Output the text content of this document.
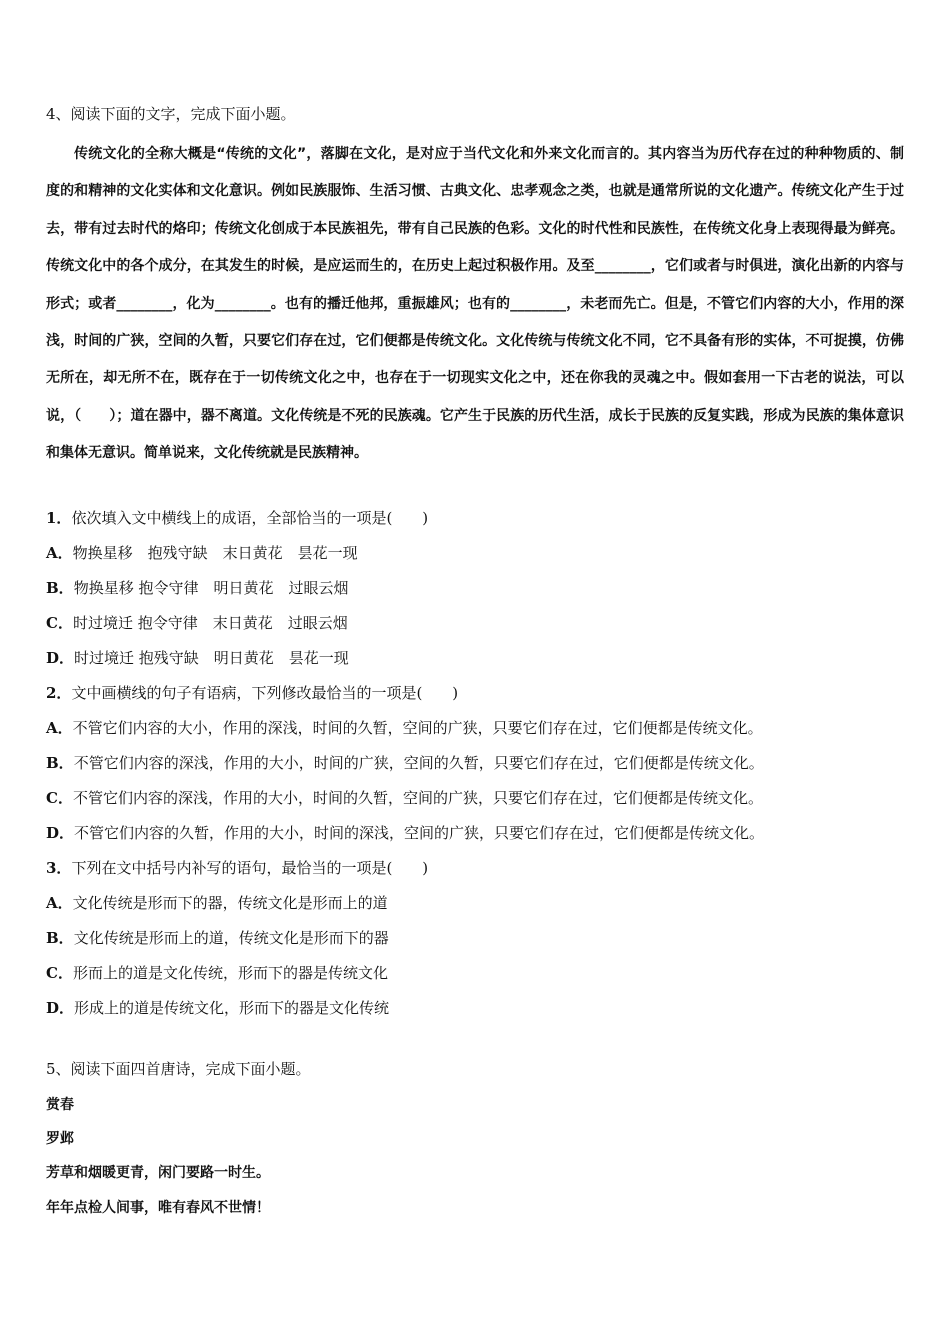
4、阅读下面的文字，完成下面小题。

传统文化的全称大概是“传统的文化”，落脚在文化，是对应于当代文化和外来文化而言的。其内容当为历代存在过的种种物质的、制度的和精神的文化实体和文化意识。例如民族服饰、生活习惯、古典文化、忠孝观念之类，也就是通常所说的文化遗产。传统文化产生于过去，带有过去时代的烙印；传统文化创成于本民族祖先，带有自己民族的色彩。文化的时代性和民族性，在传统文化身上表现得最为鲜亮。传统文化中的各个成分，在其发生的时候，是应运而生的，在历史上起过积极作用。及至________，它们或者与时俱进，演化出新的内容与形式；或者________，化为________。也有的播迁他邦，重振雄风；也有的________，未老而先亡。但是，不管它们内容的大小，作用的深浅，时间的广狭，空间的久暂，只要它们存在过，它们便都是传统文化。文化传统与传统文化不同，它不具备有形的实体，不可捉摸，仿佛无所在，却无所不在，既存在于一切传统文化之中，也存在于一切现实文化之中，还在你我的灵魂之中。假如套用一下古老的说法，可以说，（　　）；道在器中，器不离道。文化传统是不死的民族魂。它产生于民族的历代生活，成长于民族的反复实践，形成为民族的集体意识和集体无意识。简单说来，文化传统就是民族精神。

1．依次填入文中横线上的成语，全部恰当的一项是(　　)
A．物换星移　抱残守缺　末日黄花　昙花一现
B．物换星移 抱令守律　明日黄花　过眼云烟
C．时过境迁 抱令守律　末日黄花　过眼云烟
D．时过境迁 抱残守缺　明日黄花　昙花一现
2．文中画横线的句子有语病，下列修改最恰当的一项是(　　)
A．不管它们内容的大小，作用的深浅，时间的久暂，空间的广狭，只要它们存在过，它们便都是传统文化。
B．不管它们内容的深浅，作用的大小，时间的广狭，空间的久暂，只要它们存在过，它们便都是传统文化。
C．不管它们内容的深浅，作用的大小，时间的久暂，空间的广狭，只要它们存在过，它们便都是传统文化。
D．不管它们内容的久暂，作用的大小，时间的深浅，空间的广狭，只要它们存在过，它们便都是传统文化。
3．下列在文中括号内补写的语句，最恰当的一项是(　　)
A．文化传统是形而下的器，传统文化是形而上的道
B．文化传统是形而上的道，传统文化是形而下的器
C．形而上的道是文化传统，形而下的器是传统文化
D．形成上的道是传统文化，形而下的器是文化传统
5、阅读下面四首唐诗，完成下面小题。
赏春
罗邺
芳草和烟暖更青，闲门要路一时生。
年年点检人间事，唯有春风不世情！
